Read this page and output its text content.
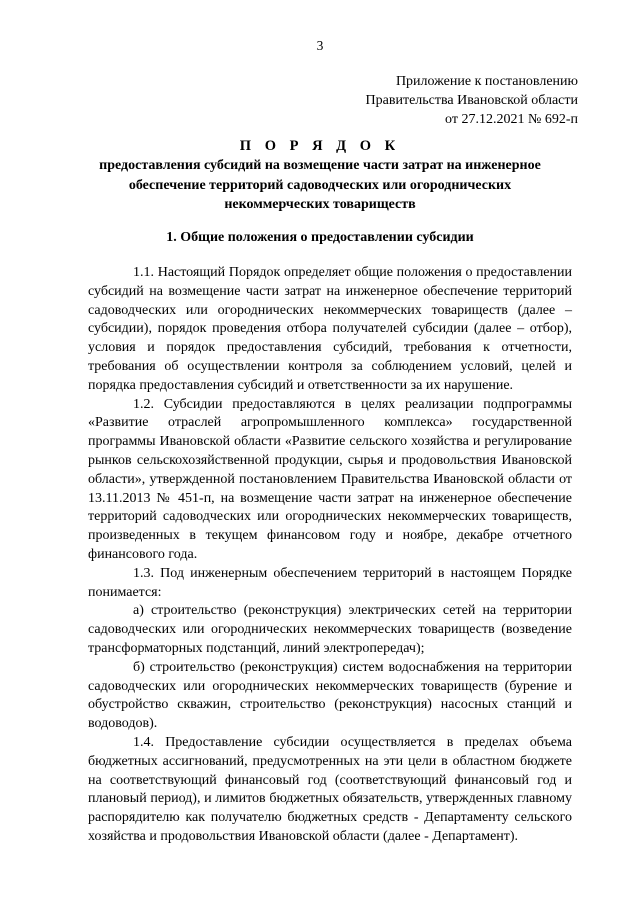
3
Приложение к постановлению
Правительства Ивановской области
от 27.12.2021 № 692-п
П О Р Я Д О К
предоставления субсидий на возмещение части затрат на инженерное обеспечение территорий садоводческих или огороднических некоммерческих товариществ
1. Общие положения о предоставлении субсидии

1.1. Настоящий Порядок определяет общие положения о предоставлении субсидий на возмещение части затрат на инженерное обеспечение территорий садоводческих или огороднических некоммерческих товариществ (далее – субсидии), порядок проведения отбора получателей субсидии (далее – отбор), условия и порядок предоставления субсидий, требования к отчетности, требования об осуществлении контроля за соблюдением условий, целей и порядка предоставления субсидий и ответственности за их нарушение.

1.2. Субсидии предоставляются в целях реализации подпрограммы «Развитие отраслей агропромышленного комплекса» государственной программы Ивановской области «Развитие сельского хозяйства и регулирование рынков сельскохозяйственной продукции, сырья и продовольствия Ивановской области», утвержденной постановлением Правительства Ивановской области от 13.11.2013 № 451-п, на возмещение части затрат на инженерное обеспечение территорий садоводческих или огороднических некоммерческих товариществ, произведенных в текущем финансовом году и ноябре, декабре отчетного финансового года.

1.3. Под инженерным обеспечением территорий в настоящем Порядке понимается:

а) строительство (реконструкция) электрических сетей на территории садоводческих или огороднических некоммерческих товариществ (возведение трансформаторных подстанций, линий электропередач);

б) строительство (реконструкция) систем водоснабжения на территории садоводческих или огороднических некоммерческих товариществ (бурение и обустройство скважин, строительство (реконструкция) насосных станций и водоводов).

1.4. Предоставление субсидии осуществляется в пределах объема бюджетных ассигнований, предусмотренных на эти цели в областном бюджете на соответствующий финансовый год (соответствующий финансовый год и плановый период), и лимитов бюджетных обязательств, утвержденных главному распорядителю как получателю бюджетных средств - Департаменту сельского хозяйства и продовольствия Ивановской области (далее - Департамент).
